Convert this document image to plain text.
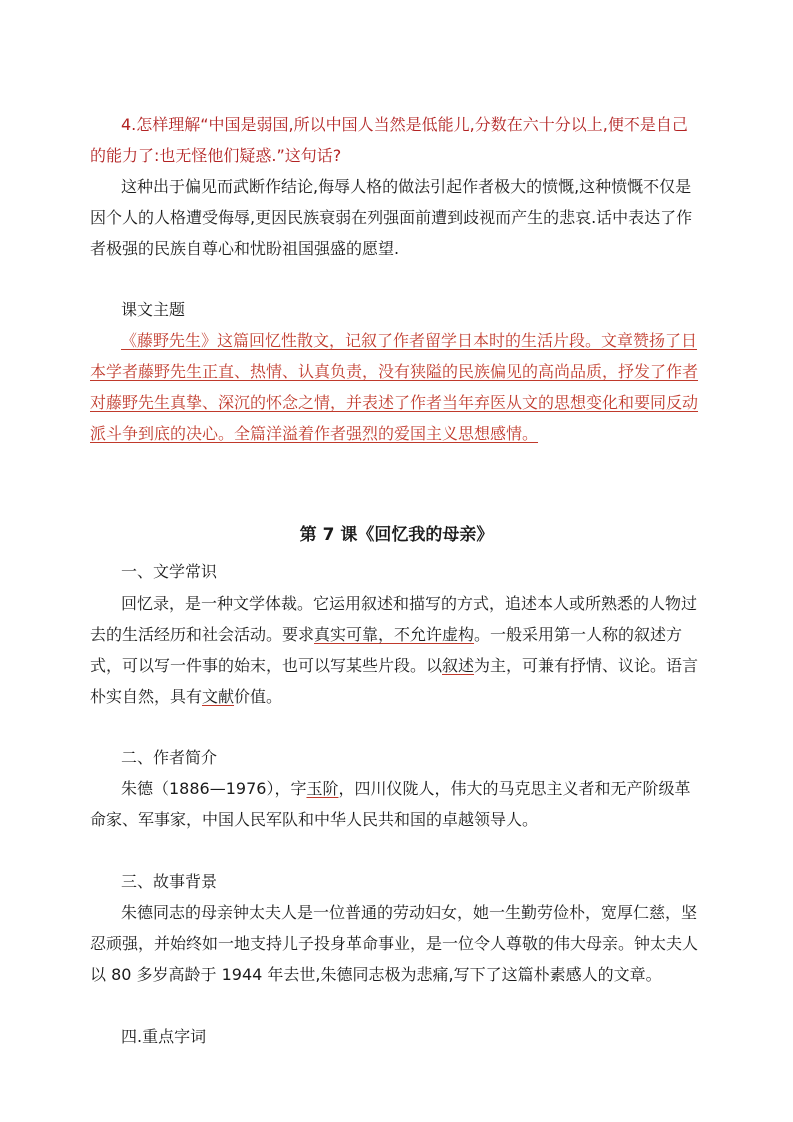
4.怎样理解“中国是弱国,所以中国人当然是低能儿,分数在六十分以上,便不是自己的能力了:也无怪他们疑惑.”这句话?
这种出于偏见而武断作结论,侮辱人格的做法引起作者极大的愤慨,这种愤慨不仅是因个人的人格遭受侮辱,更因民族衰弱在列强面前遭到歧视而产生的悲哀.话中表达了作者极强的民族自尊心和忧盼祖国强盛的愿望.
课文主题
《藤野先生》这篇回忆性散文，记叙了作者留学日本时的生活片段。文章赞扬了日本学者藤野先生正直、热情、认真负责，没有狭隘的民族偏见的高尚品质，抒发了作者对藤野先生真挚、深沉的怀念之情，并表述了作者当年弃医从文的思想变化和要同反动派斗争到底的决心。全篇洋溢着作者强烈的爱国主义思想感情。
第 7 课《回忆我的母亲》
一、文学常识
回忆录，是一种文学体裁。它运用叙述和描写的方式，追述本人或所熟悉的人物过去的生活经历和社会活动。要求真实可靠，不允许虚构。一般采用第一人称的叙述方式，可以写一件事的始末，也可以写某些片段。以叙述为主，可兼有抒情、议论。语言朴实自然，具有文献价值。
二、作者简介
朱德（1886—1976），字玉阶，四川仪陇人，伟大的马克思主义者和无产阶级革命家、军事家，中国人民军队和中华人民共和国的卓越领导人。
三、故事背景
朱德同志的母亲钟太夫人是一位普通的劳动妇女，她一生勤劳俭朴，宽厚仁慈，坚忍顽强，并始终如一地支持儿子投身革命事业，是一位令人尊敬的伟大母亲。钟太夫人以 80 多岁高龄于 1944 年去世,朱德同志极为悲痛,写下了这篇朴素感人的文章。
四.重点字词
